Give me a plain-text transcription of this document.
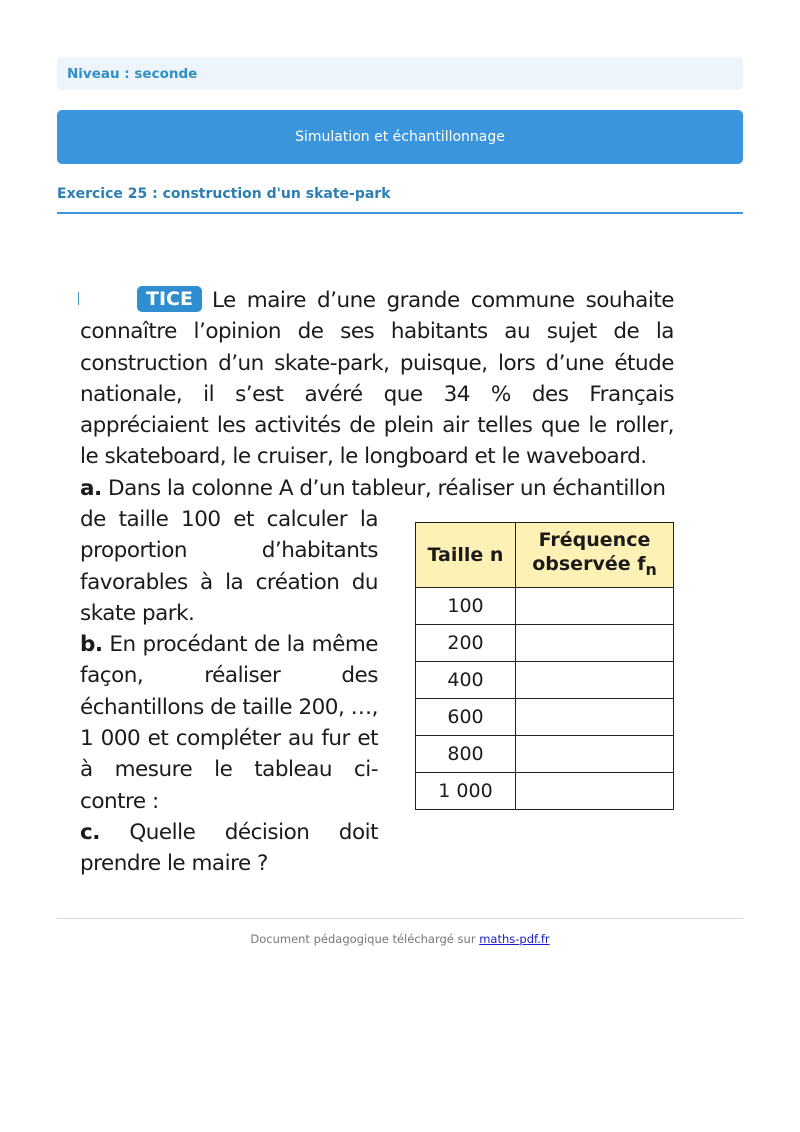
Niveau : seconde
Simulation et échantillonnage
Exercice 25 : construction d'un skate-park
TICE Le maire d’une grande commune souhaite connaître l’opinion de ses habitants au sujet de la construction d’un skate-park, puisque, lors d’une étude nationale, il s’est avéré que 34 % des Français appréciaient les activités de plein air telles que le roller, le skateboard, le cruiser, le longboard et le waveboard.
a. Dans la colonne A d’un tableur, réaliser un échantillon

de taille 100 et calculer la proportion d’habitants favorables à la création du skate park.

b. En procédant de la même façon, réaliser des échantillons de taille 200, …, 1 000 et compléter au fur et à mesure le tableau ci-contre :

c. Quelle décision doit prendre le maire ?

Taille n	Fréquence
observée $f_n$
100	
200	
400	
600	
800	
1 000	
Document pédagogique téléchargé sur maths-pdf.fr
